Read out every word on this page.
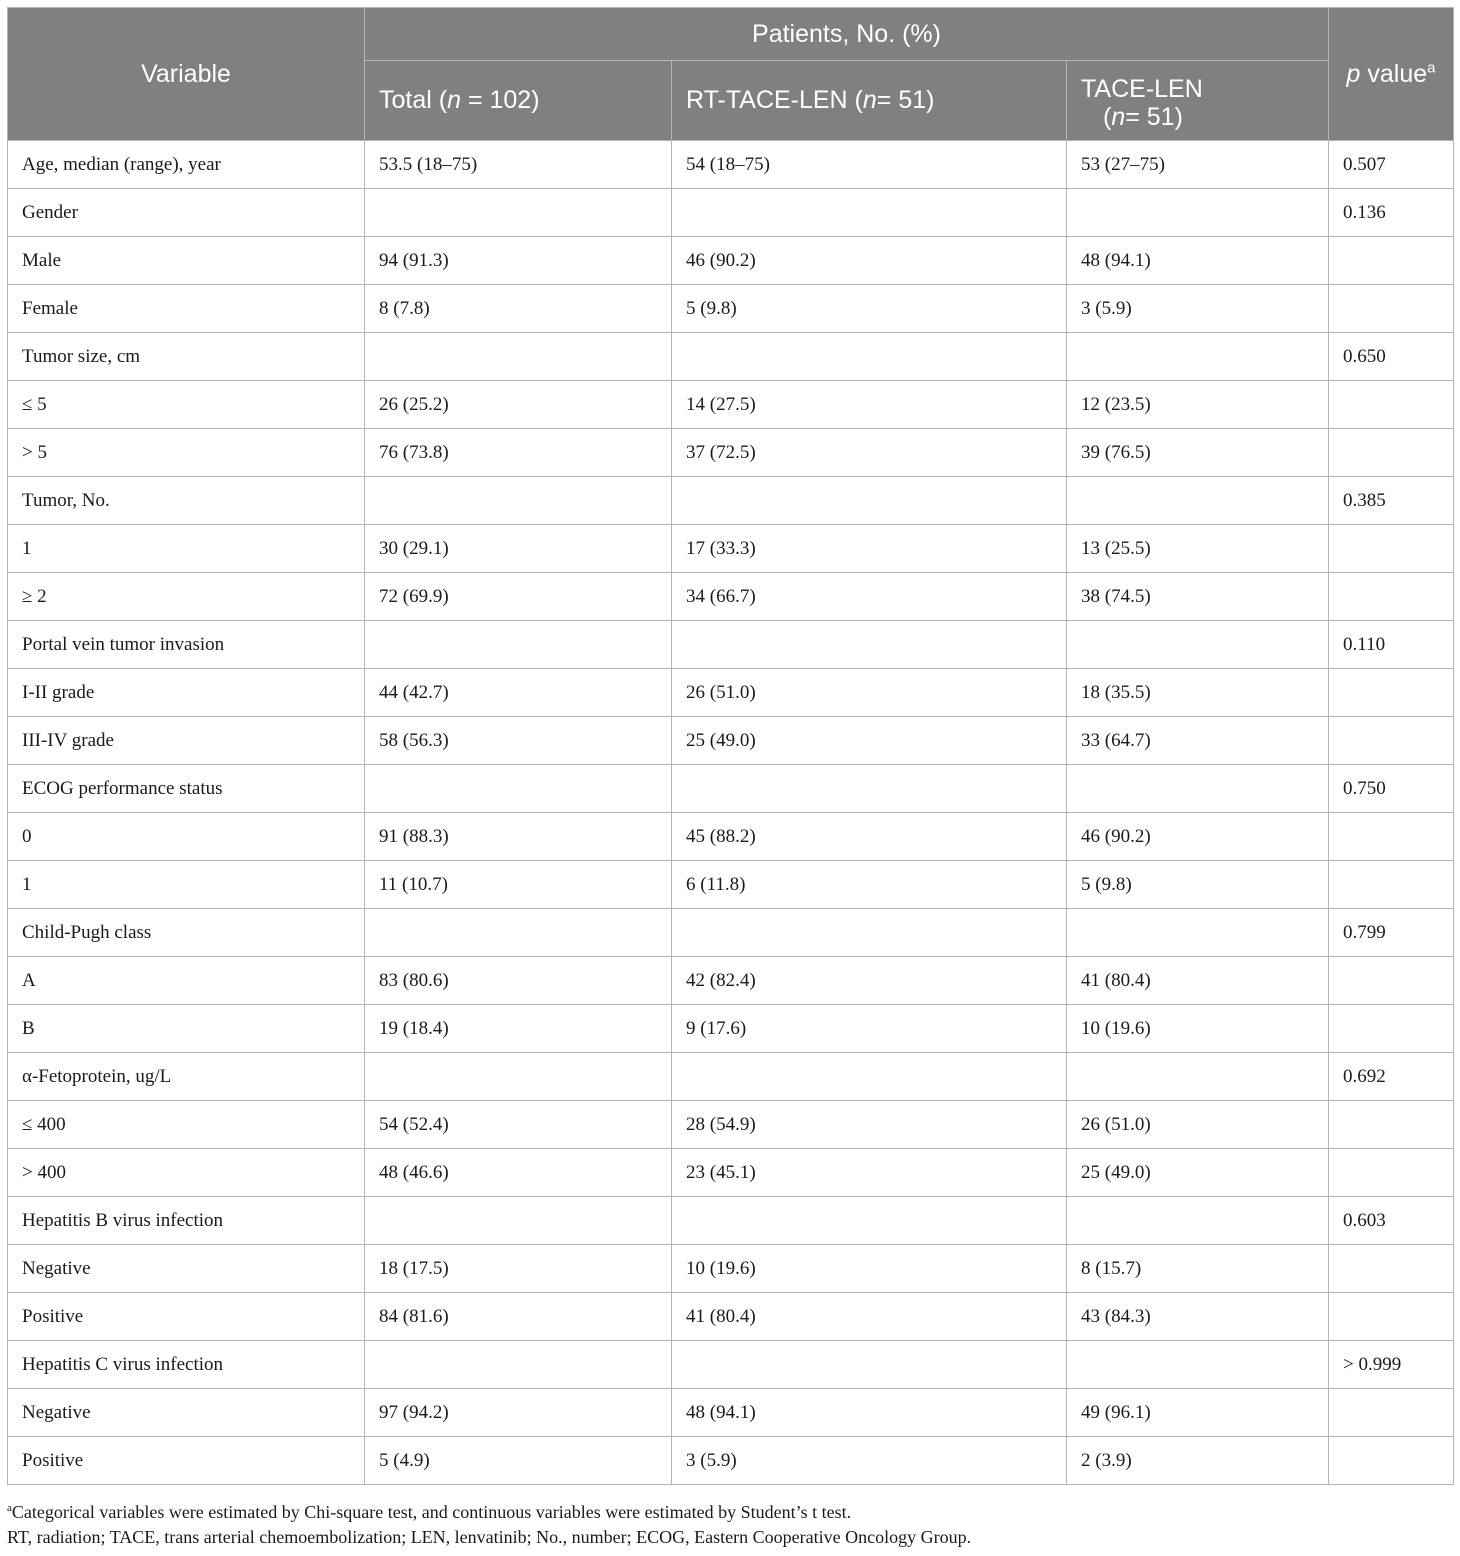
Variable	Patients, No. (%)			p value$^a$
	Total (n = 102)	RT-TACE-LEN (n= 51)	TACE-LEN
(n= 51)	
Age, median (range), year	53.5 (18–75)	54 (18–75)	53 (27–75)	0.507
Gender				0.136
Male	94 (91.3)	46 (90.2)	48 (94.1)	
Female	8 (7.8)	5 (9.8)	3 (5.9)	
Tumor size, cm				0.650
≤ 5	26 (25.2)	14 (27.5)	12 (23.5)	
> 5	76 (73.8)	37 (72.5)	39 (76.5)	
Tumor, No.				0.385
1	30 (29.1)	17 (33.3)	13 (25.5)	
≥ 2	72 (69.9)	34 (66.7)	38 (74.5)	
Portal vein tumor invasion				0.110
I-II grade	44 (42.7)	26 (51.0)	18 (35.5)	
III-IV grade	58 (56.3)	25 (49.0)	33 (64.7)	
ECOG performance status				0.750
0	91 (88.3)	45 (88.2)	46 (90.2)	
1	11 (10.7)	6 (11.8)	5 (9.8)	
Child-Pugh class				0.799
A	83 (80.6)	42 (82.4)	41 (80.4)	
B	19 (18.4)	9 (17.6)	10 (19.6)	
α-Fetoprotein, ug/L				0.692
≤ 400	54 (52.4)	28 (54.9)	26 (51.0)	
> 400	48 (46.6)	23 (45.1)	25 (49.0)	
Hepatitis B virus infection				0.603
Negative	18 (17.5)	10 (19.6)	8 (15.7)	
Positive	84 (81.6)	41 (80.4)	43 (84.3)	
Hepatitis C virus infection				> 0.999
Negative	97 (94.2)	48 (94.1)	49 (96.1)	
Positive	5 (4.9)	3 (5.9)	2 (3.9)	
$^a$Categorical variables were estimated by Chi-square test, and continuous variables were estimated by Student’s t test.
RT, radiation; TACE, trans arterial chemoembolization; LEN, lenvatinib; No., number; ECOG, Eastern Cooperative Oncology Group.
